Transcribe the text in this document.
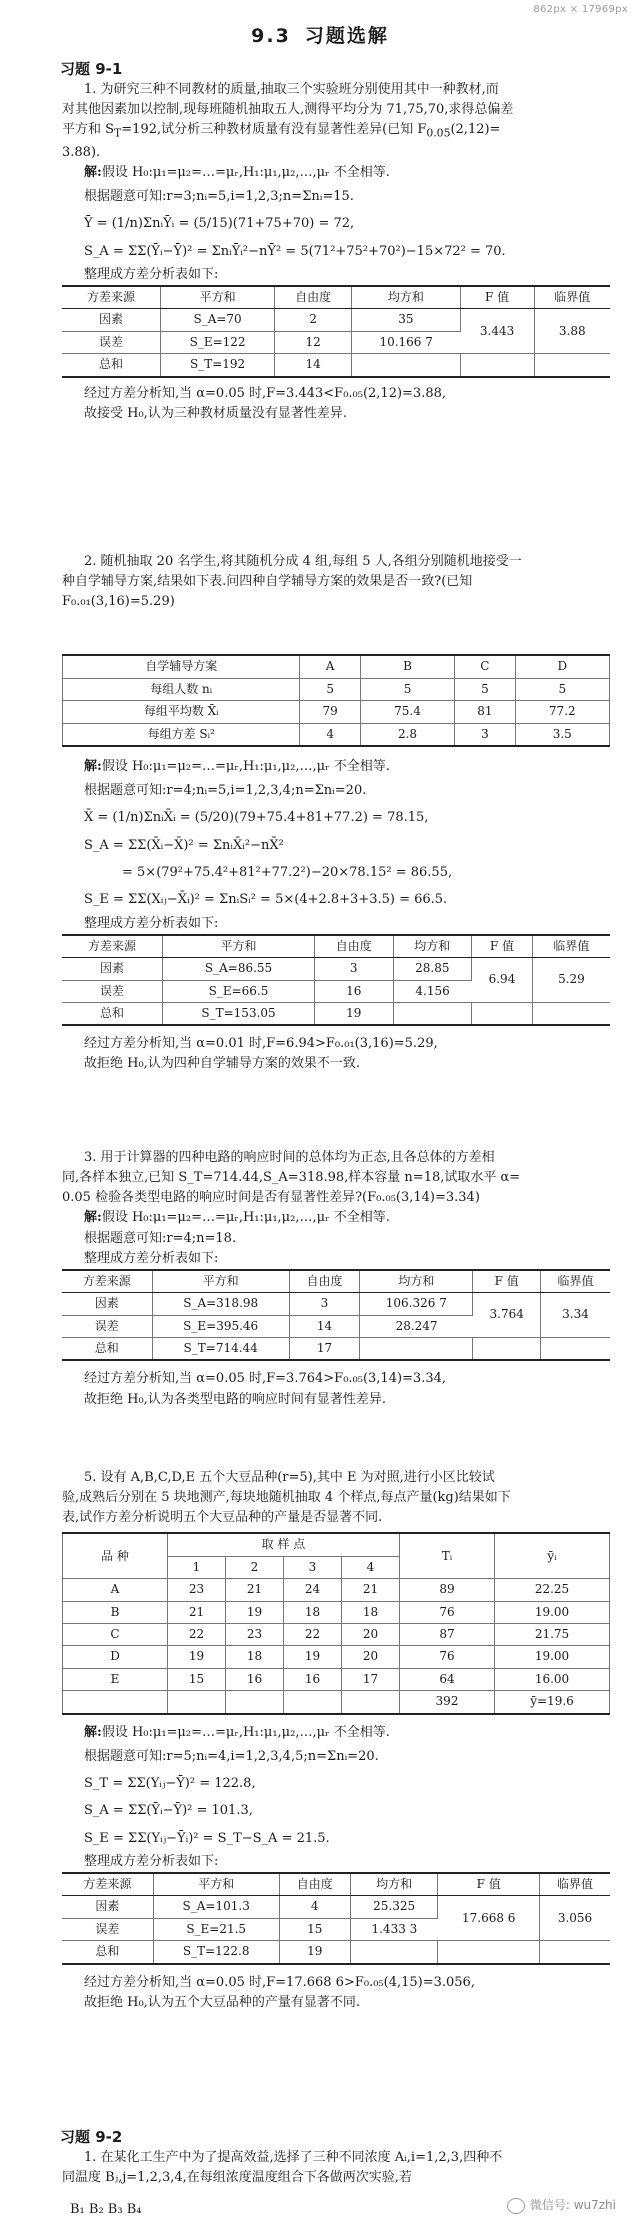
862px × 17969px
9.3 习题选解
习题 9-1

1. 为研究三种不同教材的质量,抽取三个实验班分别使用其中一种教材,而

对其他因素加以控制,现每班随机抽取五人,测得平均分为 71,75,70,求得总偏差

平方和 $S_T=192$,试分析三种教材质量有没有显著性差异(已知 $F_{0.05}(2,12)=$

3.88).

解:假设 H₀:μ₁=μ₂=…=μᵣ,H₁:μ₁,μ₂,…,μᵣ 不全相等.

根据题意可知:r=3;nᵢ=5,i=1,2,3;n=Σnᵢ=15.

Ȳ = (1/n)ΣnᵢȲᵢ = (5/15)(71+75+70) = 72,

S_A = ΣΣ(Ȳᵢ−Ȳ)² = ΣnᵢȲᵢ²−nȲ² = 5(71²+75²+70²)−15×72² = 70.

整理成方差分析表如下:

方差来源	平方和	自由度	均方和	F 值	临界值
因素	S_A=70	2	35	3.443	3.88
误差	S_E=122	12	10.166 7		
总和	S_T=192	14			

经过方差分析知,当 α=0.05 时,F=3.443<F₀.₀₅(2,12)=3.88,

故接受 H₀,认为三种教材质量没有显著性差异.

2. 随机抽取 20 名学生,将其随机分成 4 组,每组 5 人,各组分别随机地接受一

种自学辅导方案,结果如下表.问四种自学辅导方案的效果是否一致?(已知

F₀.₀₁(3,16)=5.29)

自学辅导方案	A	B	C	D
每组人数 nᵢ	5	5	5	5
每组平均数 X̄ᵢ	79	75.4	81	77.2
每组方差 Sᵢ²	4	2.8	3	3.5

解:假设 H₀:μ₁=μ₂=…=μᵣ,H₁:μ₁,μ₂,…,μᵣ 不全相等.

根据题意可知:r=4;nᵢ=5,i=1,2,3,4;n=Σnᵢ=20.

X̄ = (1/n)ΣnᵢX̄ᵢ = (5/20)(79+75.4+81+77.2) = 78.15,

S_A = ΣΣ(X̄ᵢ−X̄)² = ΣnᵢX̄ᵢ²−nX̄²

= 5×(79²+75.4²+81²+77.2²)−20×78.15² = 86.55,

S_E = ΣΣ(Xᵢⱼ−X̄ᵢ)² = ΣnᵢSᵢ² = 5×(4+2.8+3+3.5) = 66.5.

整理成方差分析表如下:

方差来源	平方和	自由度	均方和	F 值	临界值
因素	S_A=86.55	3	28.85	6.94	5.29
误差	S_E=66.5	16	4.156		
总和	S_T=153.05	19			

经过方差分析知,当 α=0.01 时,F=6.94>F₀.₀₁(3,16)=5.29,

故拒绝 H₀,认为四种自学辅导方案的效果不一致.

3. 用于计算器的四种电路的响应时间的总体均为正态,且各总体的方差相

同,各样本独立,已知 S_T=714.44,S_A=318.98,样本容量 n=18,试取水平 α=

0.05 检验各类型电路的响应时间是否有显著性差异?(F₀.₀₅(3,14)=3.34)

解:假设 H₀:μ₁=μ₂=…=μᵣ,H₁:μ₁,μ₂,…,μᵣ 不全相等.

根据题意可知:r=4;n=18.

整理成方差分析表如下:

方差来源	平方和	自由度	均方和	F 值	临界值
因素	S_A=318.98	3	106.326 7	3.764	3.34
误差	S_E=395.46	14	28.247		
总和	S_T=714.44	17			

经过方差分析知,当 α=0.05 时,F=3.764>F₀.₀₅(3,14)=3.34,

故拒绝 H₀,认为各类型电路的响应时间有显著性差异.

5. 设有 A,B,C,D,E 五个大豆品种(r=5),其中 E 为对照,进行小区比较试

验,成熟后分别在 5 块地测产,每块地随机抽取 4 个样点,每点产量(kg)结果如下

表,试作方差分析说明五个大豆品种的产量是否显著不同.

品 种	取 样 点				Tᵢ	ȳᵢ
	1	2	3	4		
A	23	21	24	21	89	22.25
B	21	19	18	18	76	19.00
C	22	23	22	20	87	21.75
D	19	18	19	20	76	19.00
E	15	16	16	17	64	16.00
					392	ȳ=19.6

解:假设 H₀:μ₁=μ₂=…=μᵣ,H₁:μ₁,μ₂,…,μᵣ 不全相等.

根据题意可知:r=5;nᵢ=4,i=1,2,3,4,5;n=Σnᵢ=20.

S_T = ΣΣ(Yᵢⱼ−Ȳ)² = 122.8,

S_A = ΣΣ(Ȳᵢ−Ȳ)² = 101.3,

S_E = ΣΣ(Yᵢⱼ−Ȳᵢ)² = S_T−S_A = 21.5.

整理成方差分析表如下:

方差来源	平方和	自由度	均方和	F 值	临界值
因素	S_A=101.3	4	25.325	17.668 6	3.056
误差	S_E=21.5	15	1.433 3		
总和	S_T=122.8	19			

经过方差分析知,当 α=0.05 时,F=17.668 6>F₀.₀₅(4,15)=3.056,

故拒绝 H₀,认为五个大豆品种的产量有显著不同.

习题 9-2

1. 在某化工生产中为了提高效益,选择了三种不同浓度 Aᵢ,i=1,2,3,四种不

同温度 Bⱼ,j=1,2,3,4,在每组浓度温度组合下各做两次实验,若

B₁ B₂ B₃ B₄	微信号: wu7zhi
